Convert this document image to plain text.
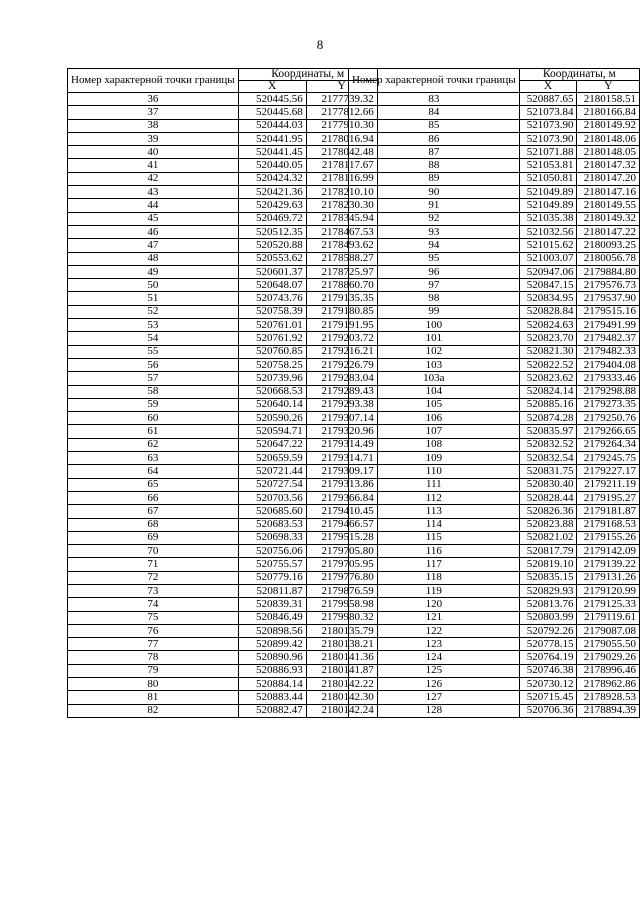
8
Номер характерной точки границы	Координаты, м	
	X	Y
36	520445.56	2177739.32
37	520445.68	2177812.66
38	520444.03	2177910.30
39	520441.95	2178016.94
40	520441.45	2178042.48
41	520440.05	2178117.67
42	520424.32	2178116.99
43	520421.36	2178210.10
44	520429.63	2178230.30
45	520469.72	2178345.94
46	520512.35	2178467.53
47	520520.88	2178493.62
48	520553.62	2178588.27
49	520601.37	2178725.97
50	520648.07	2178860.70
51	520743.76	2179135.35
52	520758.39	2179180.85
53	520761.01	2179191.95
54	520761.92	2179203.72
55	520760.85	2179216.21
56	520758.25	2179226.79
57	520739.96	2179283.04
58	520668.53	2179289.43
59	520640.14	2179293.38
60	520590.26	2179307.14
61	520594.71	2179320.96
62	520647.22	2179314.49
63	520659.59	2179314.71
64	520721.44	2179309.17
65	520727.54	2179313.86
66	520703.56	2179366.84
67	520685.60	2179410.45
68	520683.53	2179466.57
69	520698.33	2179515.28
70	520756.06	2179705.80
71	520755.57	2179705.95
72	520779.16	2179776.80
73	520811.87	2179876.59
74	520839.31	2179958.98
75	520846.49	2179980.32
76	520898.56	2180135.79
77	520899.42	2180138.21
78	520890.96	2180141.36
79	520886.93	2180141.87
80	520884.14	2180142.22
81	520883.44	2180142.30
82	520882.47	2180142.24
Номер характерной точки границы	Координаты, м	
	X	Y
83	520887.65	2180158.51
84	521073.84	2180166.84
85	521073.90	2180149.92
86	521073.90	2180148.06
87	521071.88	2180148.05
88	521053.81	2180147.32
89	521050.81	2180147.20
90	521049.89	2180147.16
91	521049.89	2180149.55
92	521035.38	2180149.32
93	521032.56	2180147.22
94	521015.62	2180093.25
95	521003.07	2180056.78
96	520947.06	2179884.80
97	520847.15	2179576.73
98	520834.95	2179537.90
99	520828.84	2179515.16
100	520824.63	2179491.99
101	520823.70	2179482.37
102	520821.30	2179482.33
103	520822.52	2179404.08
103а	520823.62	2179333.46
104	520824.14	2179298.88
105	520885.16	2179273.35
106	520874.28	2179250.76
107	520835.97	2179266.65
108	520832.52	2179264.34
109	520832.54	2179245.75
110	520831.75	2179227.17
111	520830.40	2179211.19
112	520828.44	2179195.27
113	520826.36	2179181.87
114	520823.88	2179168.53
115	520821.02	2179155.26
116	520817.79	2179142.09
117	520819.10	2179139.22
118	520835.15	2179131.26
119	520829.93	2179120.99
120	520813.76	2179125.33
121	520803.99	2179119.61
122	520792.26	2179087.08
123	520778.15	2179055.50
124	520764.19	2179029.26
125	520746.38	2178996.46
126	520730.12	2178962.86
127	520715.45	2178928.53
128	520706.36	2178894.39
